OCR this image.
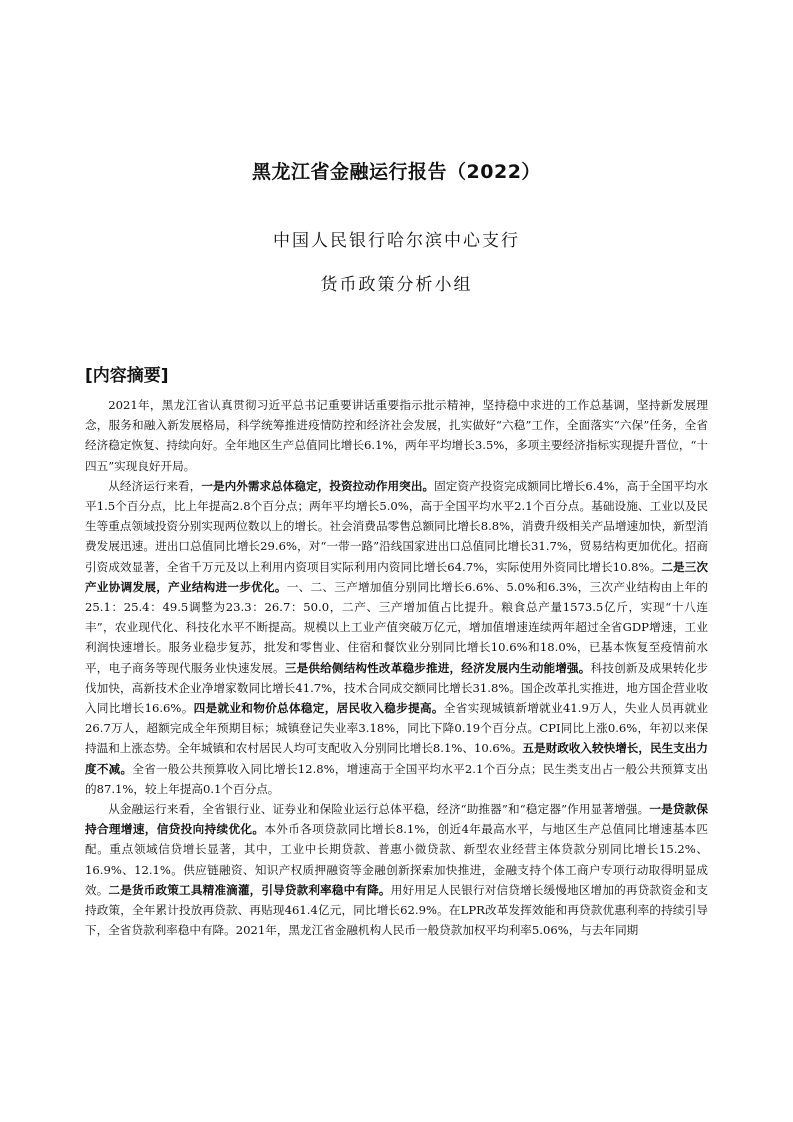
黑龙江省金融运行报告（2022）
中国人民银行哈尔滨中心支行
货币政策分析小组
[内容摘要]

2021年，黑龙江省认真贯彻习近平总书记重要讲话重要指示批示精神，坚持稳中求进的工作总基调，坚持新发展理念，服务和融入新发展格局，科学统筹推进疫情防控和经济社会发展，扎实做好“六稳”工作，全面落实“六保”任务，全省经济稳定恢复、持续向好。全年地区生产总值同比增长6.1%，两年平均增长3.5%，多项主要经济指标实现提升晋位，“十四五”实现良好开局。

从经济运行来看，一是内外需求总体稳定，投资拉动作用突出。固定资产投资完成额同比增长6.4%，高于全国平均水平1.5个百分点，比上年提高2.8个百分点；两年平均增长5.0%，高于全国平均水平2.1个百分点。基础设施、工业以及民生等重点领域投资分别实现两位数以上的增长。社会消费品零售总额同比增长8.8%，消费升级相关产品增速加快，新型消费发展迅速。进出口总值同比增长29.6%，对“一带一路”沿线国家进出口总值同比增长31.7%，贸易结构更加优化。招商引资成效显著，全省千万元及以上利用内资项目实际利用内资同比增长64.7%，实际使用外资同比增长10.8%。二是三次产业协调发展，产业结构进一步优化。一、二、三产增加值分别同比增长6.6%、5.0%和6.3%，三次产业结构由上年的25.1：25.4：49.5调整为23.3：26.7：50.0，二产、三产增加值占比提升。粮食总产量1573.5亿斤，实现“十八连丰”，农业现代化、科技化水平不断提高。规模以上工业产值突破万亿元，增加值增速连续两年超过全省GDP增速，工业利润快速增长。服务业稳步复苏，批发和零售业、住宿和餐饮业分别同比增长10.6%和18.0%，已基本恢复至疫情前水平，电子商务等现代服务业快速发展。三是供给侧结构性改革稳步推进，经济发展内生动能增强。科技创新及成果转化步伐加快，高新技术企业净增家数同比增长41.7%，技术合同成交额同比增长31.8%。国企改革扎实推进，地方国企营业收入同比增长16.6%。四是就业和物价总体稳定，居民收入稳步提高。全省实现城镇新增就业41.9万人，失业人员再就业26.7万人，超额完成全年预期目标；城镇登记失业率3.18%，同比下降0.19个百分点。CPI同比上涨0.6%，年初以来保持温和上涨态势。全年城镇和农村居民人均可支配收入分别同比增长8.1%、10.6%。五是财政收入较快增长，民生支出力度不减。全省一般公共预算收入同比增长12.8%，增速高于全国平均水平2.1个百分点；民生类支出占一般公共预算支出的87.1%，较上年提高0.1个百分点。

从金融运行来看，全省银行业、证券业和保险业运行总体平稳，经济“助推器”和“稳定器”作用显著增强。一是贷款保持合理增速，信贷投向持续优化。本外币各项贷款同比增长8.1%，创近4年最高水平，与地区生产总值同比增速基本匹配。重点领域信贷增长显著，其中，工业中长期贷款、普惠小微贷款、新型农业经营主体贷款分别同比增长15.2%、16.9%、12.1%。供应链融资、知识产权质押融资等金融创新探索加快推进，金融支持个体工商户专项行动取得明显成效。二是货币政策工具精准滴灌，引导贷款利率稳中有降。用好用足人民银行对信贷增长缓慢地区增加的再贷款资金和支持政策，全年累计投放再贷款、再贴现461.4亿元，同比增长62.9%。在LPR改革发挥效能和再贷款优惠利率的持续引导下，全省贷款利率稳中有降。2021年，黑龙江省金融机构人民币一般贷款加权平均利率5.06%，与去年同期
